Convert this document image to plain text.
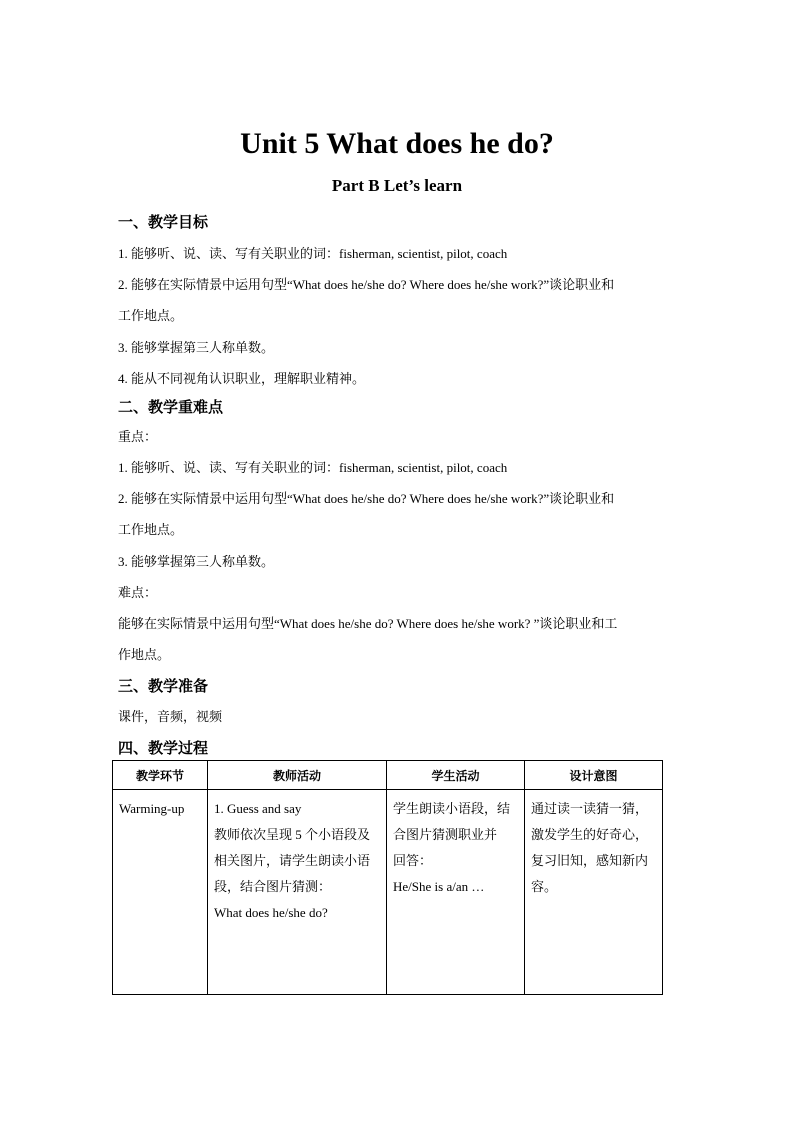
Unit 5 What does he do?
Part B Let’s learn
一、教学目标
1. 能够听、说、读、写有关职业的词：fisherman, scientist, pilot, coach
2. 能够在实际情景中运用句型“What does he/she do? Where does he/she work?”谈论职业和
工作地点。
3. 能够掌握第三人称单数。
4. 能从不同视角认识职业，理解职业精神。
二、教学重难点
重点：
1. 能够听、说、读、写有关职业的词：fisherman, scientist, pilot, coach
2. 能够在实际情景中运用句型“What does he/she do? Where does he/she work?”谈论职业和
工作地点。
3. 能够掌握第三人称单数。
难点：
能够在实际情景中运用句型“What does he/she do? Where does he/she work? ”谈论职业和工
作地点。
三、教学准备
课件，音频，视频
四、教学过程
教学环节	教师活动	学生活动	设计意图

Warming-up	1. Guess and say
教师依次呈现 5 个小语段及
相关图片，请学生朗读小语
段，结合图片猜测：
What does he/she do?	学生朗读小语段，结
合图片猜测职业并
回答：
He/She is a/an …	通过读一读猜一猜，
激发学生的好奇心，
复习旧知，感知新内
容。
